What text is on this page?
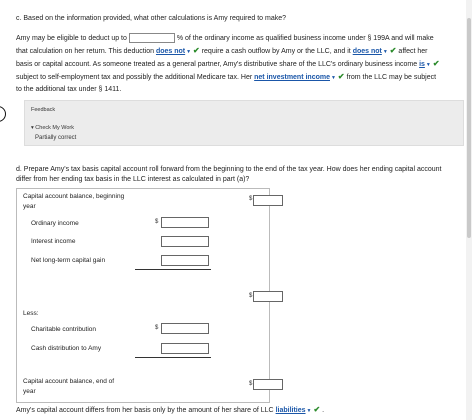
c. Based on the information provided, what other calculations is Amy required to make?
Amy may be eligible to deduct up to	% of the ordinary income as qualified business income under § 199A and will make
that calculation on her return. This deduction does not▼ ✔ require a cash outflow by Amy or the LLC, and it does not▼ ✔ affect her
basis or capital account. As someone treated as a general partner, Amy's distributive share of the LLC's ordinary business income is▼ ✔
subject to self-employment tax and possibly the additional Medicare tax. Her net investment income▼ ✔ from the LLC may be subject
to the additional tax under § 1411.
Feedback
▾ Check My Work
Partially correct
d. Prepare Amy's tax basis capital account roll forward from the beginning to the end of the tax year. How does her ending capital account
differ from her ending tax basis in the LLC interest as calculated in part (a)?
Capital account balance, beginning
year
$
Ordinary income	$
Interest income
Net long-term capital gain
$
Less:
Charitable contribution	$
Cash distribution to Amy
Capital account balance, end of
year
$
Amy's capital account differs from her basis only by the amount of her share of LLC liabilities▼ ✔ .
